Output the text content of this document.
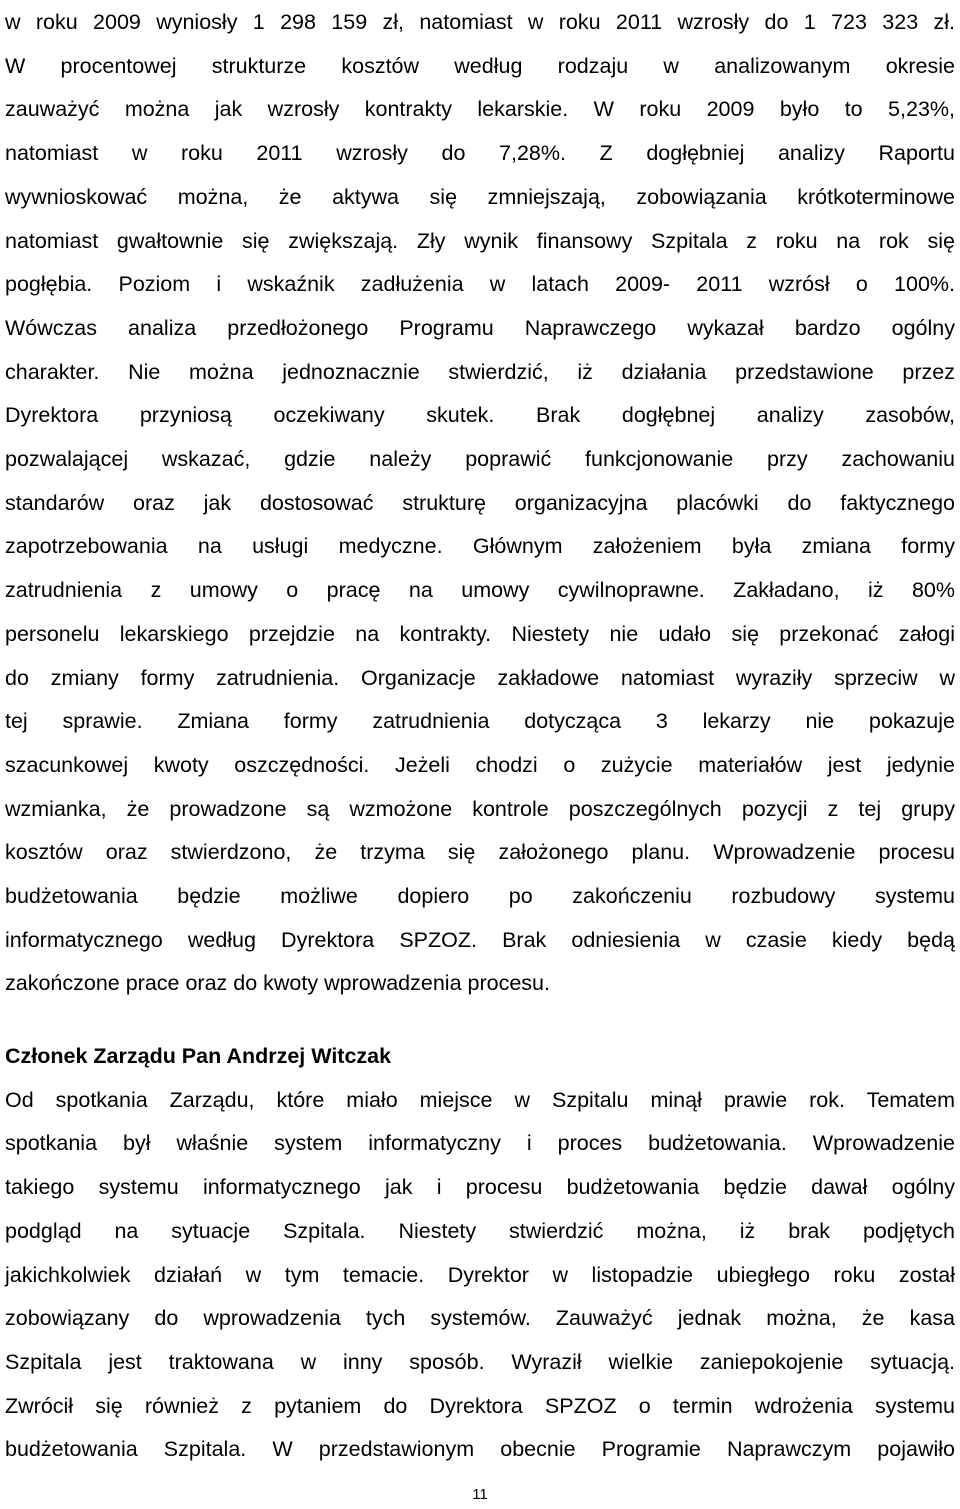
w roku 2009 wyniosły 1 298 159 zł, natomiast w roku 2011 wzrosły do 1 723 323 zł.
W procentowej strukturze kosztów według rodzaju w analizowanym okresie
zauważyć można jak wzrosły kontrakty lekarskie. W roku 2009 było to 5,23%,
natomiast w roku 2011 wzrosły do 7,28%. Z dogłębniej analizy Raportu
wywnioskować można, że aktywa się zmniejszają, zobowiązania krótkoterminowe
natomiast gwałtownie się zwiększają. Zły wynik finansowy Szpitala z roku na rok się
pogłębia. Poziom i wskaźnik zadłużenia w latach 2009- 2011 wzrósł o 100%.
Wówczas analiza przedłożonego Programu Naprawczego wykazał bardzo ogólny
charakter. Nie można jednoznacznie stwierdzić, iż działania przedstawione przez
Dyrektora przyniosą oczekiwany skutek. Brak dogłębnej analizy zasobów,
pozwalającej wskazać, gdzie należy poprawić funkcjonowanie przy zachowaniu
standarów oraz jak dostosować strukturę organizacyjna placówki do faktycznego
zapotrzebowania na usługi medyczne. Głównym założeniem była zmiana formy
zatrudnienia z umowy o pracę na umowy cywilnoprawne. Zakładano, iż 80%
personelu lekarskiego przejdzie na kontrakty. Niestety nie udało się przekonać załogi
do zmiany formy zatrudnienia. Organizacje zakładowe natomiast wyraziły sprzeciw w
tej sprawie. Zmiana formy zatrudnienia dotycząca 3 lekarzy nie pokazuje
szacunkowej kwoty oszczędności. Jeżeli chodzi o zużycie materiałów jest jedynie
wzmianka, że prowadzone są wzmożone kontrole poszczególnych pozycji z tej grupy
kosztów oraz stwierdzono, że trzyma się założonego planu. Wprowadzenie procesu
budżetowania będzie możliwe dopiero po zakończeniu rozbudowy systemu
informatycznego według Dyrektora SPZOZ. Brak odniesienia w czasie kiedy będą
zakończone prace oraz do kwoty wprowadzenia procesu.
Członek Zarządu Pan Andrzej Witczak
Od spotkania Zarządu, które miało miejsce w Szpitalu minął prawie rok. Tematem
spotkania był właśnie system informatyczny i proces budżetowania. Wprowadzenie
takiego systemu informatycznego jak i procesu budżetowania będzie dawał ogólny
podgląd na sytuacje Szpitala. Niestety stwierdzić można, iż brak podjętych
jakichkolwiek działań w tym temacie. Dyrektor w listopadzie ubiegłego roku został
zobowiązany do wprowadzenia tych systemów. Zauważyć jednak można, że kasa
Szpitala jest traktowana w inny sposób. Wyraził wielkie zaniepokojenie sytuacją.
Zwrócił się również z pytaniem do Dyrektora SPZOZ o termin wdrożenia systemu
budżetowania Szpitala. W przedstawionym obecnie Programie Naprawczym pojawiło
11
